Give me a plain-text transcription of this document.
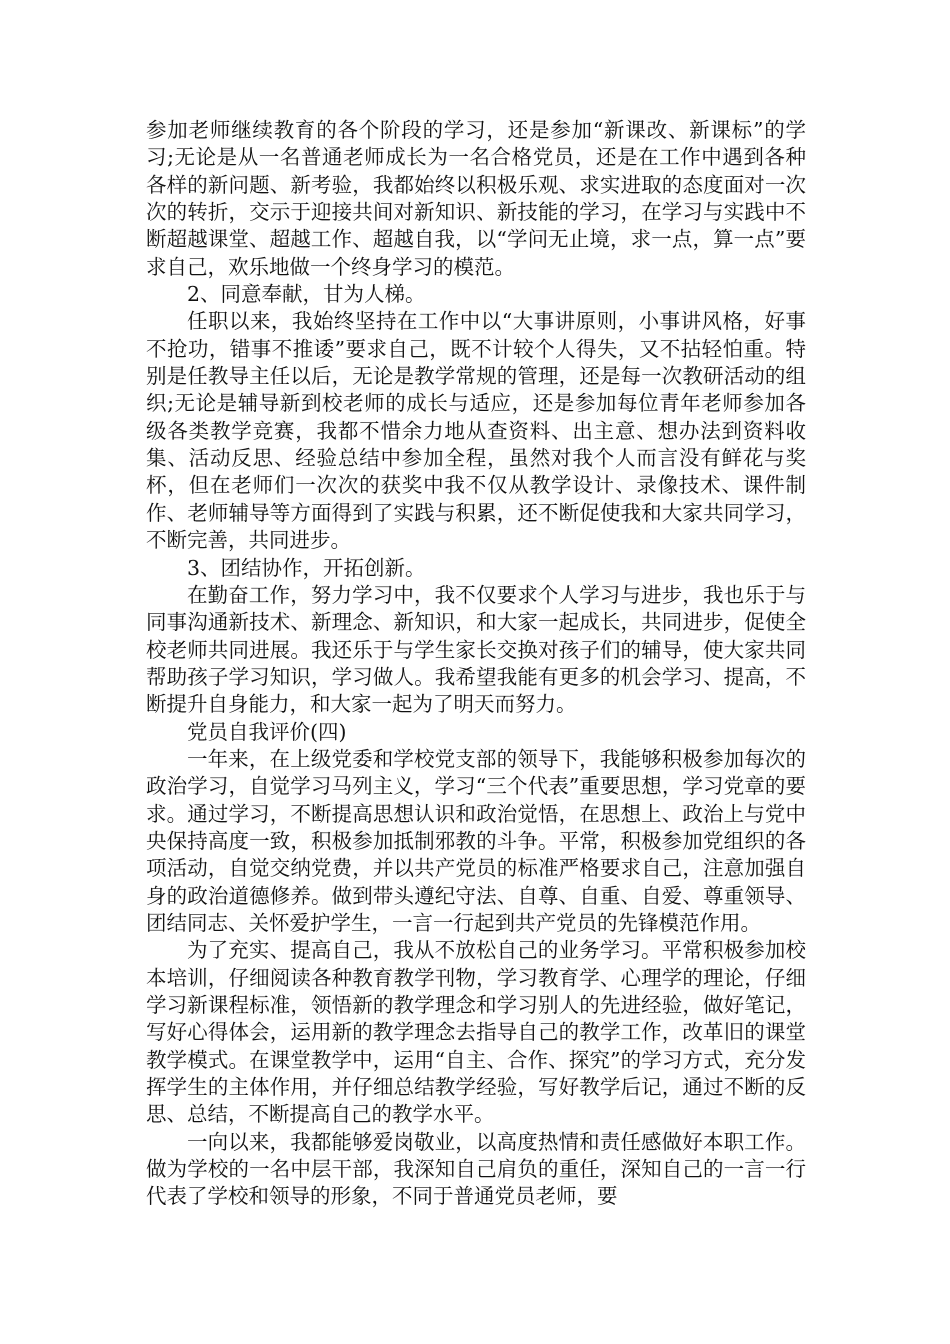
参加老师继续教育的各个阶段的学习，还是参加“新课改、新课标”的学习;无论是从一名普通老师成长为一名合格党员，还是在工作中遇到各种各样的新问题、新考验，我都始终以积极乐观、求实进取的态度面对一次次的转折，交示于迎接共间对新知识、新技能的学习，在学习与实践中不断超越课堂、超越工作、超越自我，以“学问无止境，求一点，算一点”要求自己，欢乐地做一个终身学习的模范。

2、同意奉献，甘为人梯。

任职以来，我始终坚持在工作中以“大事讲原则，小事讲风格，好事不抢功，错事不推诿”要求自己，既不计较个人得失，又不拈轻怕重。特别是任教导主任以后，无论是教学常规的管理，还是每一次教研活动的组织;无论是辅导新到校老师的成长与适应，还是参加每位青年老师参加各级各类教学竞赛，我都不惜余力地从查资料、出主意、想办法到资料收集、活动反思、经验总结中参加全程，虽然对我个人而言没有鲜花与奖杯，但在老师们一次次的获奖中我不仅从教学设计、录像技术、课件制作、老师辅导等方面得到了实践与积累，还不断促使我和大家共同学习，不断完善，共同进步。

3、团结协作，开拓创新。

在勤奋工作，努力学习中，我不仅要求个人学习与进步，我也乐于与同事沟通新技术、新理念、新知识，和大家一起成长，共同进步，促使全校老师共同进展。我还乐于与学生家长交换对孩子们的辅导，使大家共同帮助孩子学习知识，学习做人。我希望我能有更多的机会学习、提高，不断提升自身能力，和大家一起为了明天而努力。

党员自我评价(四)

一年来，在上级党委和学校党支部的领导下，我能够积极参加每次的政治学习，自觉学习马列主义，学习“三个代表”重要思想，学习党章的要求。通过学习，不断提高思想认识和政治觉悟，在思想上、政治上与党中央保持高度一致，积极参加抵制邪教的斗争。平常，积极参加党组织的各项活动，自觉交纳党费，并以共产党员的标准严格要求自己，注意加强自身的政治道德修养。做到带头遵纪守法、自尊、自重、自爱、尊重领导、团结同志、关怀爱护学生，一言一行起到共产党员的先锋模范作用。

为了充实、提高自己，我从不放松自己的业务学习。平常积极参加校本培训，仔细阅读各种教育教学刊物，学习教育学、心理学的理论，仔细学习新课程标准，领悟新的教学理念和学习别人的先进经验，做好笔记，写好心得体会，运用新的教学理念去指导自己的教学工作，改革旧的课堂教学模式。在课堂教学中，运用“自主、合作、探究”的学习方式，充分发挥学生的主体作用，并仔细总结教学经验，写好教学后记，通过不断的反思、总结，不断提高自己的教学水平。

一向以来，我都能够爱岗敬业，以高度热情和责任感做好本职工作。做为学校的一名中层干部，我深知自己肩负的重任，深知自己的一言一行代表了学校和领导的形象，不同于普通党员老师，要
